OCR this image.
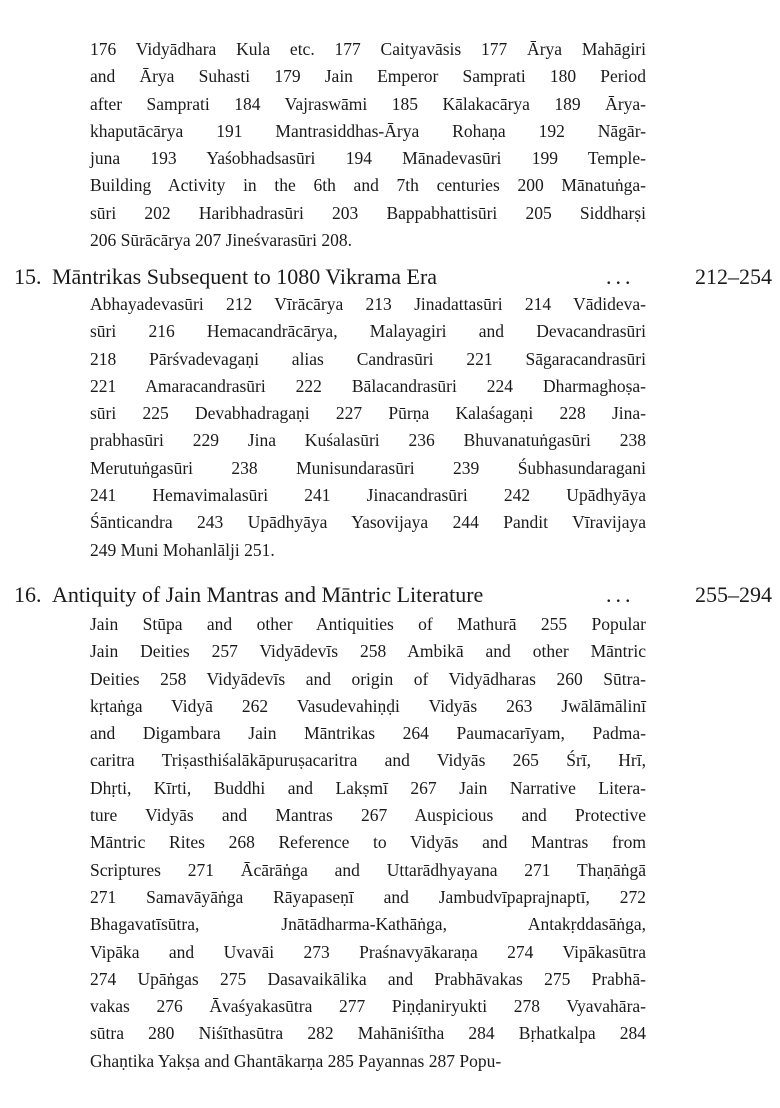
176 Vidyādhara Kula etc. 177 Caityavāsis 177 Ārya Mahāgiri
and Ārya Suhasti 179 Jain Emperor Samprati 180 Period
after Samprati 184 Vajraswāmi 185 Kālakacārya 189 Ārya-
khaputācārya 191 Mantrasiddhas-Ārya Rohaṇa 192 Nāgār-
juna 193 Yaśobhadsasūri 194 Mānadevasūri 199 Temple-
Building Activity in the 6th and 7th centuries 200 Mānatuṅga-
sūri 202 Haribhadrasūri 203 Bappabhattisūri 205 Siddharṣi
206 Sūrācārya 207 Jineśvarasūri 208.
15. Māntrikas Subsequent to 1080 Vikrama Era	...	212–254
Abhayadevasūri 212 Vīrācārya 213 Jinadattasūri 214 Vādideva-
sūri 216 Hemacandrācārya, Malayagiri and Devacandrasūri
218 Pārśvadevagaṇi alias Candrasūri 221 Sāgaracandrasūri
221 Amaracandrasūri 222 Bālacandrasūri 224 Dharmaghoṣa-
sūri 225 Devabhadragaṇi 227 Pūrṇa Kalaśagaṇi 228 Jina-
prabhasūri 229 Jina Kuśalasūri 236 Bhuvanatuṅgasūri 238
Merutuṅgasūri 238 Munisundarasūri 239 Śubhasundaragani
241 Hemavimalasūri 241 Jinacandrasūri 242 Upādhyāya
Śānticandra 243 Upādhyāya Yasovijaya 244 Pandit Vīravijaya
249 Muni Mohanlālji 251.
16. Antiquity of Jain Mantras and Māntric Literature	...	255–294
Jain Stūpa and other Antiquities of Mathurā 255 Popular
Jain Deities 257 Vidyādevīs 258 Ambikā and other Māntric
Deities 258 Vidyādevīs and origin of Vidyādharas 260 Sūtra-
kṛtaṅga Vidyā 262 Vasudevahiṇḍi Vidyās 263 Jwālāmālinī
and Digambara Jain Māntrikas 264 Paumacarīyam, Padma-
caritra Triṣasthiśalākāpuruṣacaritra and Vidyās 265 Śrī, Hrī,
Dhṛti, Kīrti, Buddhi and Lakṣmī 267 Jain Narrative Litera-
ture Vidyās and Mantras 267 Auspicious and Protective
Māntric Rites 268 Reference to Vidyās and Mantras from
Scriptures 271 Ācārāṅga and Uttarādhyayana 271 Thaṇāṅgā
271 Samavāyāṅga Rāyapaseṇī and Jambudvīpaprajnaptī, 272
Bhagavatīsūtra, Jnātādharma-Kathāṅga, Antakṛddasāṅga,
Vipāka and Uvavāi 273 Praśnavyākaraṇa 274 Vipākasūtra
274 Upāṅgas 275 Dasavaikālika and Prabhāvakas 275 Prabhā-
vakas 276 Āvaśyakasūtra 277 Piṇḍaniryukti 278 Vyavahāra-
sūtra 280 Niśīthasūtra 282 Mahāniśītha 284 Bṛhatkalpa 284
Ghaṇtika Yakṣa and Ghantākarṇa 285 Payannas 287 Popu-
